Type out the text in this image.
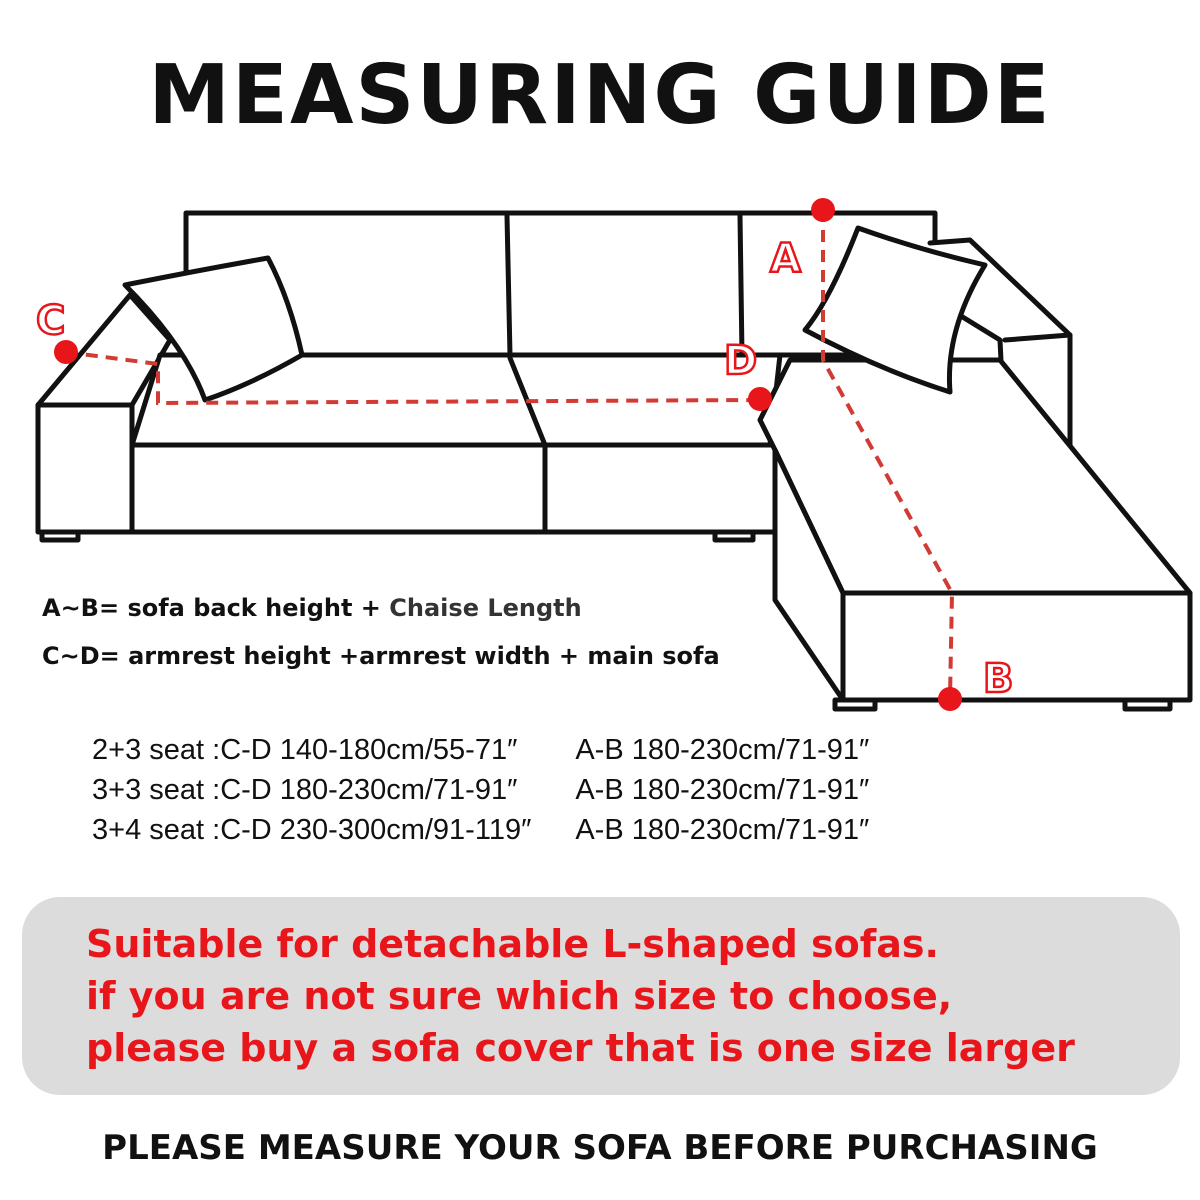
MEASURING GUIDE
A
B
C
D
A~B= sofa back height + Chaise Length
C~D= armrest height +armrest width + main sofa
2+3 seat :	C-D 140-180cm/55-71″	A-B 180-230cm/71-91″
3+3 seat :	C-D 180-230cm/71-91″	A-B 180-230cm/71-91″
3+4 seat :	C-D 230-300cm/91-119″	A-B 180-230cm/71-91″
Suitable for detachable L-shaped sofas.
if you are not sure which size to choose,
please buy a sofa cover that is one size larger
PLEASE MEASURE YOUR SOFA BEFORE PURCHASING
